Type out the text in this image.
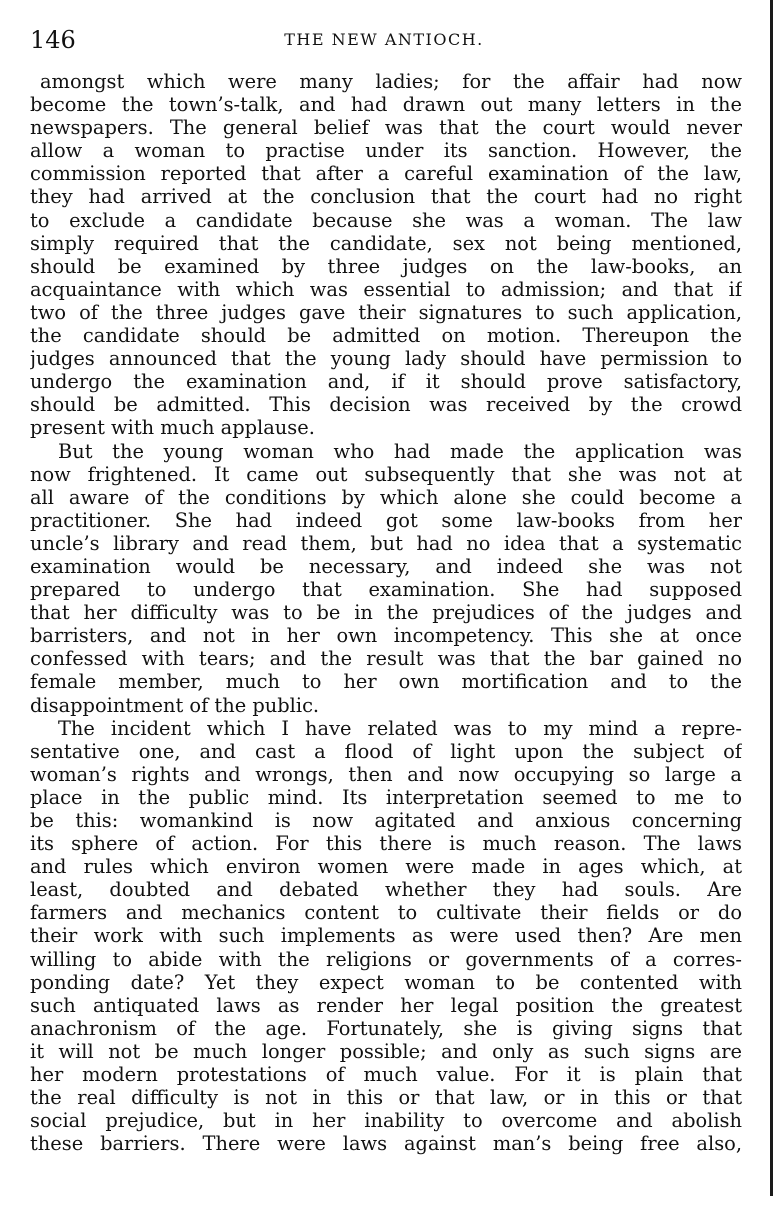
146	THE NEW ANTIOCH.
amongst which were many ladies; for the affair had now
become the town’s-talk, and had drawn out many letters in the
newspapers. The general belief was that the court would never
allow a woman to practise under its sanction. However, the
commission reported that after a careful examination of the law,
they had arrived at the conclusion that the court had no right
to exclude a candidate because she was a woman. The law
simply required that the candidate, sex not being mentioned,
should be examined by three judges on the law-books, an
acquaintance with which was essential to admission; and that if
two of the three judges gave their signatures to such application,
the candidate should be admitted on motion. Thereupon the
judges announced that the young lady should have permission to
undergo the examination and, if it should prove satisfactory,
should be admitted. This decision was received by the crowd
present with much applause.
But the young woman who had made the application was
now frightened. It came out subsequently that she was not at
all aware of the conditions by which alone she could become a
practitioner. She had indeed got some law-books from her
uncle’s library and read them, but had no idea that a systematic
examination would be necessary, and indeed she was not
prepared to undergo that examination. She had supposed
that her difficulty was to be in the prejudices of the judges and
barristers, and not in her own incompetency. This she at once
confessed with tears; and the result was that the bar gained no
female member, much to her own mortification and to the
disappointment of the public.
The incident which I have related was to my mind a repre-
sentative one, and cast a flood of light upon the subject of
woman’s rights and wrongs, then and now occupying so large a
place in the public mind. Its interpretation seemed to me to
be this: womankind is now agitated and anxious concerning
its sphere of action. For this there is much reason. The laws
and rules which environ women were made in ages which, at
least, doubted and debated whether they had souls. Are
farmers and mechanics content to cultivate their fields or do
their work with such implements as were used then? Are men
willing to abide with the religions or governments of a corres-
ponding date? Yet they expect woman to be contented with
such antiquated laws as render her legal position the greatest
anachronism of the age. Fortunately, she is giving signs that
it will not be much longer possible; and only as such signs are
her modern protestations of much value. For it is plain that
the real difficulty is not in this or that law, or in this or that
social prejudice, but in her inability to overcome and abolish
these barriers. There were laws against man’s being free also,
